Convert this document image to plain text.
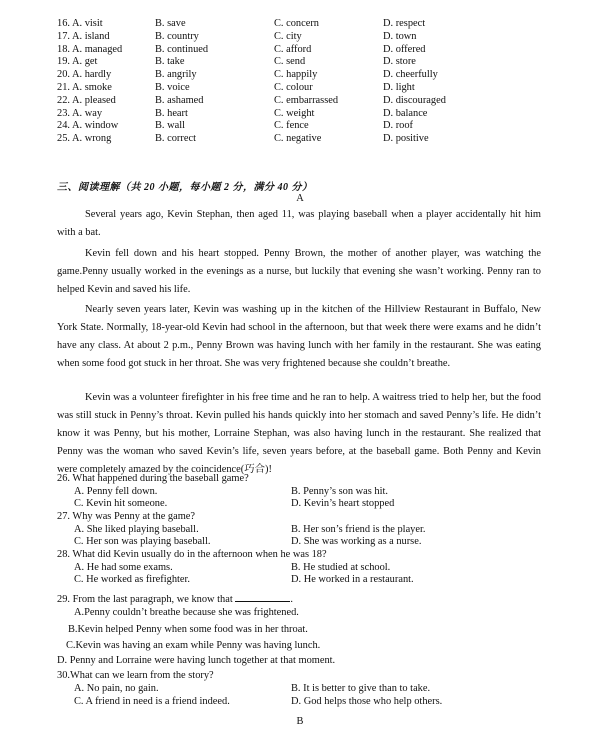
16. A. visit	B. save	C. concern	D. respect
17. A. island	B. country	C. city	D. town
18. A. managed	B. continued	C. afford	D. offered
19. A. get	B. take	C. send	D. store
20. A. hardly	B. angrily	C. happily	D. cheerfully
21. A. smoke	B. voice	C. colour	D. light
22. A. pleased	B. ashamed	C. embarrassed	D. discouraged
23. A. way	B. heart	C. weight	D. balance
24. A. window	B. wall	C. fence	D. roof
25. A. wrong	B. correct	C. negative	D. positive
三、阅读理解（共 20 小题，每小题 2 分，满分 40 分）
A
Several years ago, Kevin Stephan, then aged 11, was playing baseball when a player accidentally hit him with a bat.
Kevin fell down and his heart stopped. Penny Brown, the mother of another player, was watching the game.Penny usually worked in the evenings as a nurse, but luckily that evening she wasn’t working. Penny ran to helped Kevin and saved his life.
Nearly seven years later, Kevin was washing up in the kitchen of the Hillview Restaurant in Buffalo, New York State. Normally, 18-year-old Kevin had school in the afternoon, but that week there were exams and he didn’t have any class. At about 2 p.m., Penny Brown was having lunch with her family in the restaurant. She was eating when some food got stuck in her throat. She was very frightened because she couldn’t breathe.
Kevin was a volunteer firefighter in his free time and he ran to help. A waitress tried to help her, but the food was still stuck in Penny’s throat. Kevin pulled his hands quickly into her stomach and saved Penny’s life. He didn’t know it was Penny, but his mother, Lorraine Stephan, was also having lunch in the restaurant. She realized that Penny was the woman who saved Kevin’s life, seven years before, at the baseball game. Both Penny and Kevin were completely amazed by the coincidence(巧合)!
26. What happened during the baseball game?
A. Penny fell down.	B. Penny’s son was hit.
C. Kevin hit someone.	D. Kevin’s heart stopped
27. Why was Penny at the game?
A. She liked playing baseball.	B. Her son’s friend is the player.
C. Her son was playing baseball.	D. She was working as a nurse.
28. What did Kevin usually do in the afternoon when he was 18?
A. He had some exams.	B. He studied at school.
C. He worked as firefighter.	D. He worked in a restaurant.
29. From the last paragraph, we know that	.
A.Penny couldn’t breathe because she was frightened.
B.Kevin helped Penny when some food was in her throat.
C.Kevin was having an exam while Penny was having lunch.
D. Penny and Lorraine were having lunch together at that moment.
30.What can we learn from the story?
A. No pain, no gain.	B. It is better to give than to take.
C. A friend in need is a friend indeed.	D. God helps those who help others.
B
